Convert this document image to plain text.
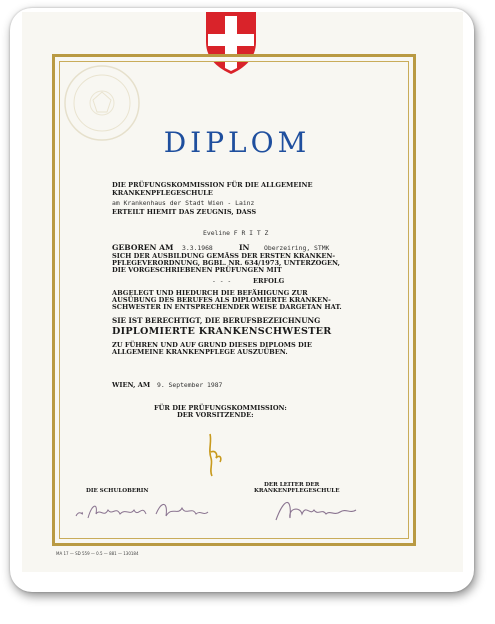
DIPLOM
DIE PRÜFUNGSKOMMISSION FÜR DIE ALLGEMEINE
KRANKENPFLEGESCHULE
am Krankenhaus der Stadt Wien - Lainz
ERTEILT HIEMIT DAS ZEUGNIS, DASS
Eveline F R I T Z
GEBOREN AM 3.3.1968	IN Oberzeiring, STMK
SICH DER AUSBILDUNG GEMÄSS DER ERSTEN KRANKEN-
PFLEGEVERORDNUNG, BGBL. NR. 634/1973, UNTERZOGEN,
DIE VORGESCHRIEBENEN PRÜFUNGEN MIT
- - -	ERFOLG
ABGELEGT UND HIEDURCH DIE BEFÄHIGUNG ZUR
AUSÜBUNG DES BERUFES ALS DIPLOMIERTE KRANKEN-
SCHWESTER IN ENTSPRECHENDER WEISE DARGETAN HAT.
SIE IST BERECHTIGT, DIE BERUFSBEZEICHNUNG
DIPLOMIERTE KRANKENSCHWESTER
ZU FÜHREN UND AUF GRUND DIESES DIPLOMS DIE
ALLGEMEINE KRANKENPFLEGE AUSZUÜBEN.
WIEN, AM 9. September 1987
FÜR DIE PRÜFUNGSKOMMISSION:
DER VORSITZENDE:
DER LEITER DER
KRANKENPFLEGESCHULE
DIE SCHULOBERIN
MA 17 — SD 559 — 0.5 — 881 — 130184
